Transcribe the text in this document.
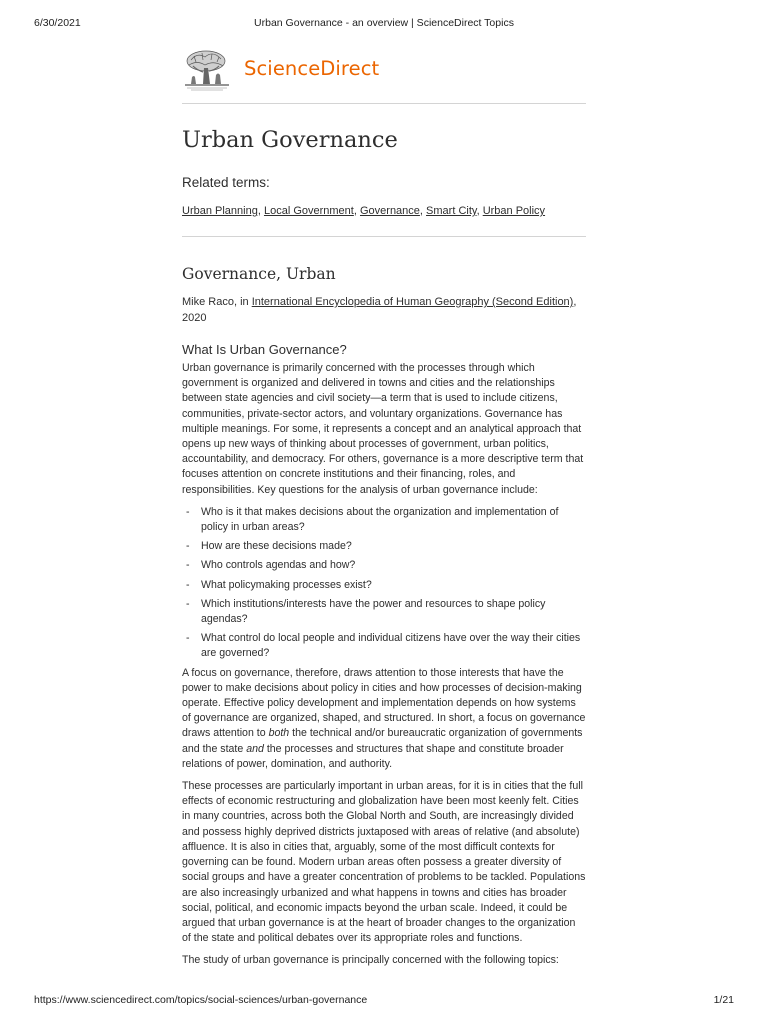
6/30/2021	Urban Governance - an overview | ScienceDirect Topics
ScienceDirect
Urban Governance
Related terms:
Urban Planning, Local Government, Governance, Smart City, Urban Policy
Governance, Urban
Mike Raco, in International Encyclopedia of Human Geography (Second Edition), 2020
What Is Urban Governance?

Urban governance is primarily concerned with the processes through which government is organized and delivered in towns and cities and the relationships between state agencies and civil society—a term that is used to include citizens, communities, private-sector actors, and voluntary organizations. Governance has multiple meanings. For some, it represents a concept and an analytical approach that opens up new ways of thinking about processes of government, urban politics, accountability, and democracy. For others, governance is a more descriptive term that focuses attention on concrete institutions and their financing, roles, and responsibilities. Key questions for the analysis of urban governance include:

- Who is it that makes decisions about the organization and implementation of policy in urban areas?
- How are these decisions made?
- Who controls agendas and how?
- What policymaking processes exist?
- Which institutions/interests have the power and resources to shape policy agendas?
- What control do local people and individual citizens have over the way their cities are governed?

A focus on governance, therefore, draws attention to those interests that have the power to make decisions about policy in cities and how processes of decision-making operate. Effective policy development and implementation depends on how systems of governance are organized, shaped, and structured. In short, a focus on governance draws attention to both the technical and/or bureaucratic organization of governments and the state and the processes and structures that shape and constitute broader relations of power, domination, and authority.

These processes are particularly important in urban areas, for it is in cities that the full effects of economic restructuring and globalization have been most keenly felt. Cities in many countries, across both the Global North and South, are increasingly divided and possess highly deprived districts juxtaposed with areas of relative (and absolute) affluence. It is also in cities that, arguably, some of the most difficult contexts for governing can be found. Modern urban areas often possess a greater diversity of social groups and have a greater concentration of problems to be tackled. Populations are also increasingly urbanized and what happens in towns and cities has broader social, political, and economic impacts beyond the urban scale. Indeed, it could be argued that urban governance is at the heart of broader changes to the organization of the state and political debates over its appropriate roles and functions.

The study of urban governance is principally concerned with the following topics:

https://www.sciencedirect.com/topics/social-sciences/urban-governance	1/21
